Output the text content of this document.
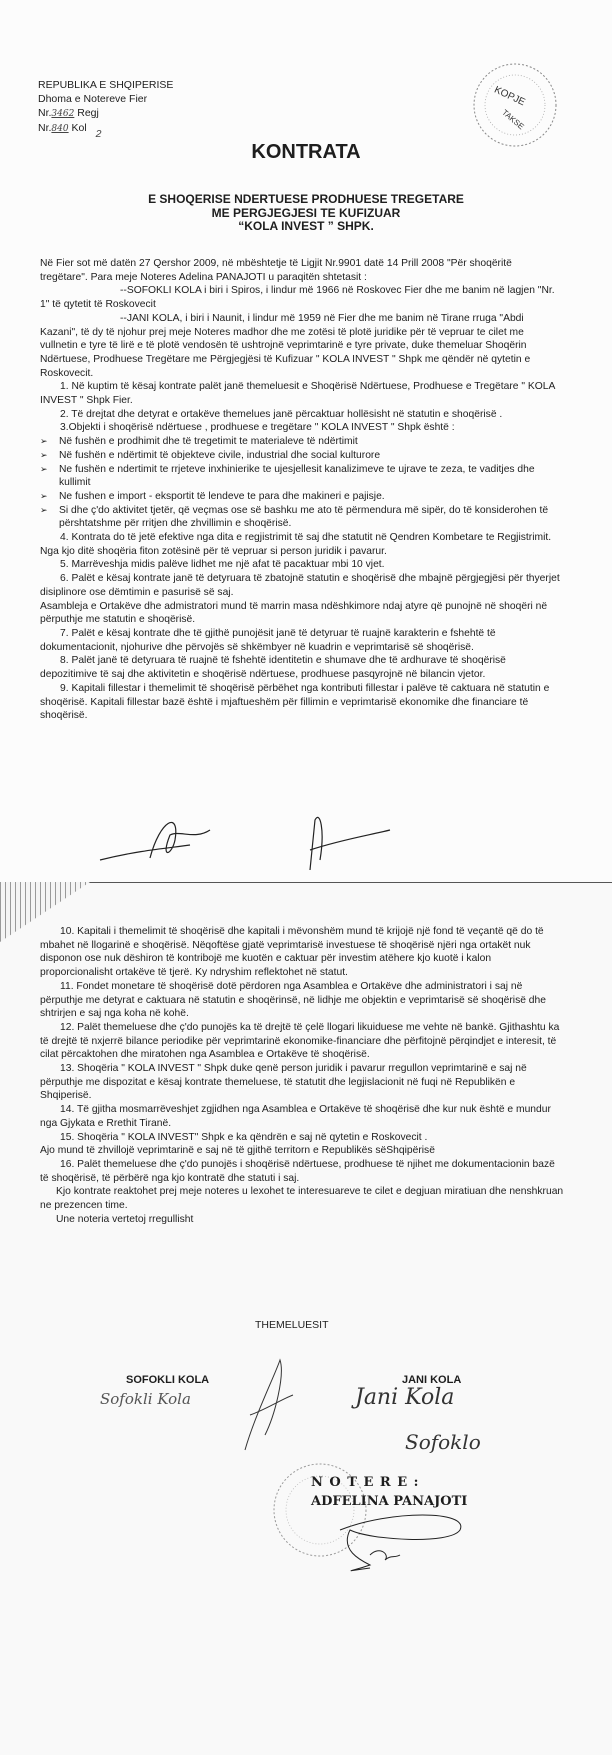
REPUBLIKA E SHQIPERISE
Dhoma e Notereve Fier
Nr.3462 Regj
Nr.840 Kol 2
KOPJE
TAKSE
KONTRATA
E SHOQERISE NDERTUESE PRODHUESE TREGETARE
ME PERGJEGJESI TE KUFIZUAR
“KOLA INVEST ” SHPK.

Në Fier sot më datën 27 Qershor 2009, në mbështetje të Ligjit Nr.9901 datë 14 Prill 2008 "Për shoqëritë tregëtare". Para meje Noteres Adelina PANAJOTI u paraqitën shtetasit :

--SOFOKLI KOLA i biri i Spiros, i lindur më 1966 në Roskovec Fier dhe me banim në lagjen "Nr. 1" të qytetit të Roskovecit

--JANI KOLA, i biri i Naunit, i lindur më 1959 në Fier dhe me banim në Tirane rruga "Abdi Kazani", të dy të njohur prej meje Noteres madhor dhe me zotësi të plotë juridike për të vepruar te cilet me vullnetin e tyre të lirë e të plotë vendosën të ushtrojnë veprimtarinë e tyre private, duke themeluar Shoqërin Ndërtuese, Prodhuese Tregëtare me Përgjegjësi të Kufizuar " KOLA INVEST " Shpk me qëndër në qytetin e Roskovecit.

1. Në kuptim të kësaj kontrate palët janë themeluesit e Shoqërisë Ndërtuese, Prodhuese e Tregëtare " KOLA INVEST " Shpk Fier.

2. Të drejtat dhe detyrat e ortakëve themelues janë përcaktuar hollësisht në statutin e shoqërisë .

3.Objekti i shoqërisë ndërtuese , prodhuese e tregëtare " KOLA INVEST " Shpk është :

➢ Në fushën e prodhimit dhe të tregetimit te materialeve të ndërtimit
➢ Në fushën e ndërtimit të objekteve civile, industrial dhe social kulturore
➢ Ne fushën e ndertimit te rrjeteve inxhinierike te ujesjellesit kanalizimeve te ujrave te zeza, te vaditjes dhe kullimit
➢ Ne fushen e import - eksportit të lendeve te para dhe makineri e pajisje.
➢ Si dhe ç'do aktivitet tjetër, që veçmas ose së bashku me ato të përmendura më sipër, do të konsiderohen të përshtatshme për rritjen dhe zhvillimin e shoqërisë.

4. Kontrata do të jetë efektive nga dita e regjistrimit të saj dhe statutit në Qendren Kombetare te Regjistrimit. Nga kjo ditë shoqëria fiton zotësinë për të vepruar si person juridik i pavarur.

5. Marrëveshja midis palëve lidhet me një afat të pacaktuar mbi 10 vjet.

6. Palët e kësaj kontrate janë të detyruara të zbatojnë statutin e shoqërisë dhe mbajnë përgjegjësi për thyerjet disiplinore ose dëmtimin e pasurisë së saj.

Asambleja e Ortakëve dhe admistratori mund të marrin masa ndëshkimore ndaj atyre që punojnë në shoqëri në përputhje me statutin e shoqërisë.

7. Palët e kësaj kontrate dhe të gjithë punojësit janë të detyruar të ruajnë karakterin e fshehtë të dokumentacionit, njohurive dhe përvojës së shkëmbyer në kuadrin e veprimtarisë së shoqërisë.

8. Palët janë të detyruara të ruajnë të fshehtë identitetin e shumave dhe të ardhurave të shoqërisë depozitimive të saj dhe aktivitetin e shoqërisë ndërtuese, prodhuese pasqyrojnë në bilancin vjetor.

9. Kapitali fillestar i themelimit të shoqërisë përbëhet nga kontributi fillestar i palëve të caktuara në statutin e shoqërisë. Kapitali fillestar bazë është i mjaftueshëm për fillimin e veprimtarisë ekonomike dhe financiare të shoqërisë.

10. Kapitali i themelimit të shoqërisë dhe kapitali i mëvonshëm mund të krijojë një fond të veçantë që do të mbahet në llogarinë e shoqërisë. Nëqoftëse gjatë veprimtarisë investuese të shoqërisë njëri nga ortakët nuk disponon ose nuk dëshiron të kontribojë me kuotën e caktuar për investim atëhere kjo kuotë i kalon proporcionalisht ortakëve të tjerë. Ky ndryshim reflektohet në statut.

11. Fondet monetare të shoqërisë dotë përdoren nga Asamblea e Ortakëve dhe administratori i saj në përputhje me detyrat e caktuara në statutin e shoqërinsë, në lidhje me objektin e veprimtarisë së shoqërisë dhe shtrirjen e saj nga koha në kohë.

12. Palët themeluese dhe ç'do punojës ka të drejtë të çelë llogari likuiduese me vehte në bankë. Gjithashtu ka të drejtë të nxjerrë bilance periodike për veprimtarinë ekonomike-financiare dhe përfitojnë përqindjet e interesit, të cilat përcaktohen dhe miratohen nga Asamblea e Ortakëve të shoqërisë.

13. Shoqëria " KOLA INVEST " Shpk duke qenë person juridik i pavarur rregullon veprimtarinë e saj në përputhje me dispozitat e kësaj kontrate themeluese, të statutit dhe legjislacionit në fuqi në Republikën e Shqiperisë.

14. Të gjitha mosmarrëveshjet zgjidhen nga Asamblea e Ortakëve të shoqërisë dhe kur nuk është e mundur nga Gjykata e Rrethit Tiranë.

15. Shoqëria " KOLA INVEST" Shpk e ka qëndrën e saj në qytetin e Roskovecit .

Ajo mund të zhvillojë veprimtarinë e saj në të gjithë territorn e Republikës sëShqipërisë

16. Palët themeluese dhe ç'do punojës i shoqërisë ndërtuese, prodhuese të njihet me dokumentacionin bazë të shoqërisë, të përbërë nga kjo kontratë dhe statuti i saj.

Kjo kontrate reaktohet prej meje noteres u lexohet te interesuareve te cilet e degjuan miratiuan dhe nenshkruan ne prezencen time.

Une noteria vertetoj rregullisht

THEMELUESIT
SOFOKLI KOLA	JANI KOLA
Sofokli Kola	Jani Kola
Sofoklo
N O T E R E :
ADFELINA PANAJOTI
